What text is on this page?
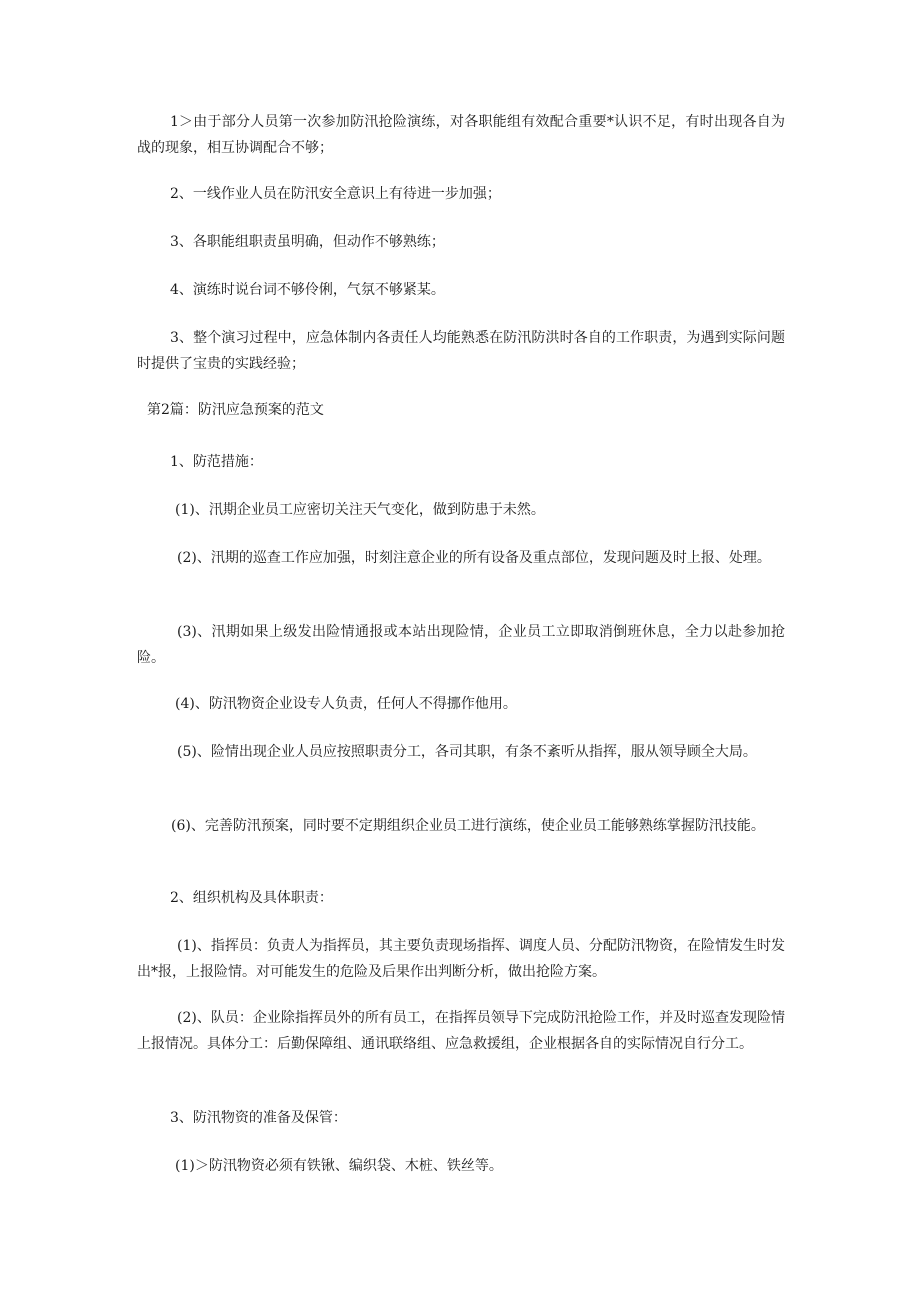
1＞由于部分人员第一次参加防汛抢险演练，对各职能组有效配合重要*认识不足，有时出现各自为战的现象，相互协调配合不够；

2、一线作业人员在防汛安全意识上有待进一步加强；

3、各职能组职责虽明确，但动作不够熟练；

4、演练时说台词不够伶俐，气氛不够紧某。

3、整个演习过程中，应急体制内各责任人均能熟悉在防汛防洪时各自的工作职责，为遇到实际问题时提供了宝贵的实践经验；

第2篇：防汛应急预案的范文

1、防范措施：

(1)、汛期企业员工应密切关注天气变化，做到防患于未然。

(2)、汛期的巡查工作应加强，时刻注意企业的所有设备及重点部位，发现问题及时上报、处理。

(3)、汛期如果上级发出险情通报或本站出现险情，企业员工立即取消倒班休息，全力以赴参加抢险。

(4)、防汛物资企业设专人负责，任何人不得挪作他用。

(5)、险情出现企业人员应按照职责分工，各司其职，有条不紊听从指挥，服从领导顾全大局。

(6)、完善防汛预案，同时要不定期组织企业员工进行演练，使企业员工能够熟练掌握防汛技能。

2、组织机构及具体职责：

(1)、指挥员：负责人为指挥员，其主要负责现场指挥、调度人员、分配防汛物资，在险情发生时发出*报，上报险情。对可能发生的危险及后果作出判断分析，做出抢险方案。

(2)、队员：企业除指挥员外的所有员工，在指挥员领导下完成防汛抢险工作，并及时巡查发现险情上报情况。具体分工：后勤保障组、通讯联络组、应急救援组，企业根据各自的实际情况自行分工。

3、防汛物资的准备及保管：

(1)＞防汛物资必须有铁锹、编织袋、木桩、铁丝等。
